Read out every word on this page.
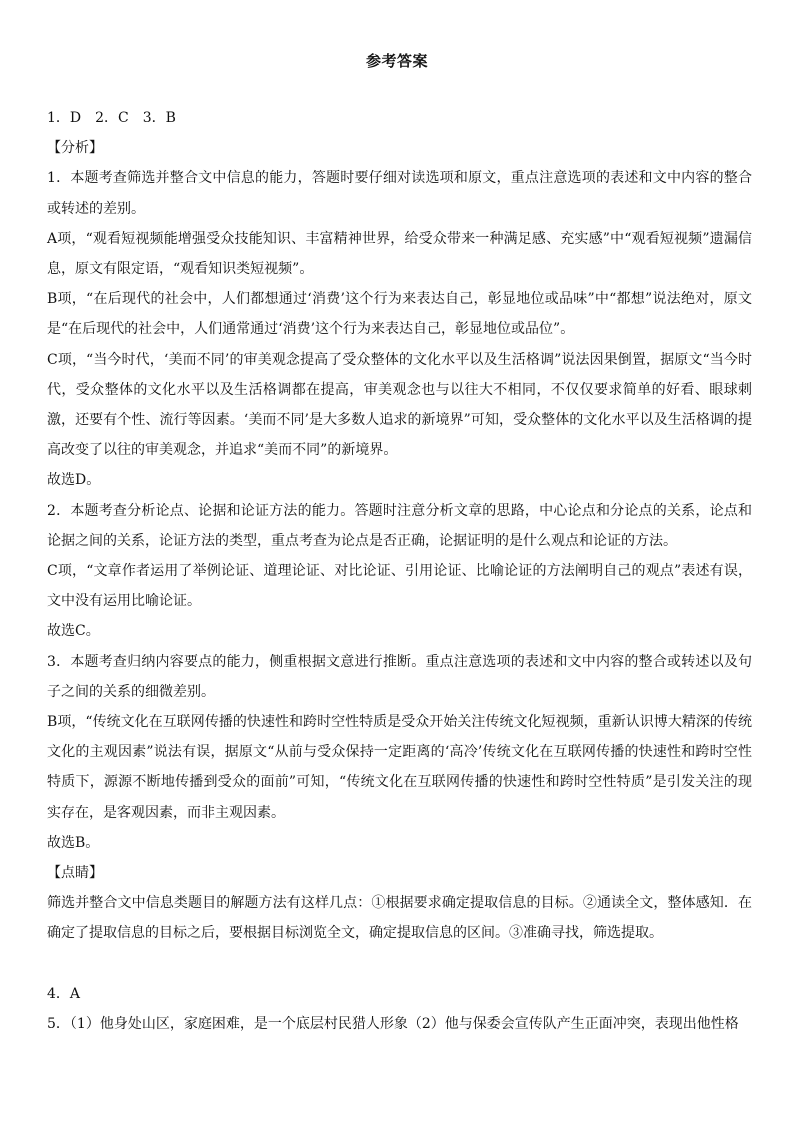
参考答案

1．D　2．C　3．B

【分析】

1．本题考查筛选并整合文中信息的能力，答题时要仔细对读选项和原文，重点注意选项的表述和文中内容的整合或转述的差别。

A项，“观看短视频能增强受众技能知识、丰富精神世界，给受众带来一种满足感、充实感”中“观看短视频”遗漏信息，原文有限定语，“观看知识类短视频”。

B项，“在后现代的社会中，人们都想通过‘消费’这个行为来表达自己，彰显地位或品味”中“都想”说法绝对，原文是“在后现代的社会中，人们通常通过‘消费’这个行为来表达自己，彰显地位或品位”。

C项，“当今时代，‘美而不同’的审美观念提高了受众整体的文化水平以及生活格调”说法因果倒置，据原文“当今时代，受众整体的文化水平以及生活格调都在提高，审美观念也与以往大不相同，不仅仅要求简单的好看、眼球刺激，还要有个性、流行等因素。‘美而不同’是大多数人追求的新境界”可知，受众整体的文化水平以及生活格调的提高改变了以往的审美观念，并追求“美而不同”的新境界。

故选D。

2．本题考查分析论点、论据和论证方法的能力。答题时注意分析文章的思路，中心论点和分论点的关系，论点和论据之间的关系，论证方法的类型，重点考查为论点是否正确，论据证明的是什么观点和论证的方法。

C项，“文章作者运用了举例论证、道理论证、对比论证、引用论证、比喻论证的方法阐明自己的观点”表述有误，文中没有运用比喻论证。

故选C。

3．本题考查归纳内容要点的能力，侧重根据文意进行推断。重点注意选项的表述和文中内容的整合或转述以及句子之间的关系的细微差别。

B项，“传统文化在互联网传播的快速性和跨时空性特质是受众开始关注传统文化短视频，重新认识博大精深的传统文化的主观因素”说法有误，据原文“从前与受众保持一定距离的‘高冷’传统文化在互联网传播的快速性和跨时空性特质下，源源不断地传播到受众的面前”可知，“传统文化在互联网传播的快速性和跨时空性特质”是引发关注的现实存在，是客观因素，而非主观因素。

故选B。

【点睛】

筛选并整合文中信息类题目的解题方法有这样几点：①根据要求确定提取信息的目标。②通读全文，整体感知．在确定了提取信息的目标之后，要根据目标浏览全文，确定提取信息的区间。③准确寻找，筛选提取。

4．A

5．（1）他身处山区，家庭困难，是一个底层村民猎人形象（2）他与保委会宣传队产生正面冲突，表现出他性格
